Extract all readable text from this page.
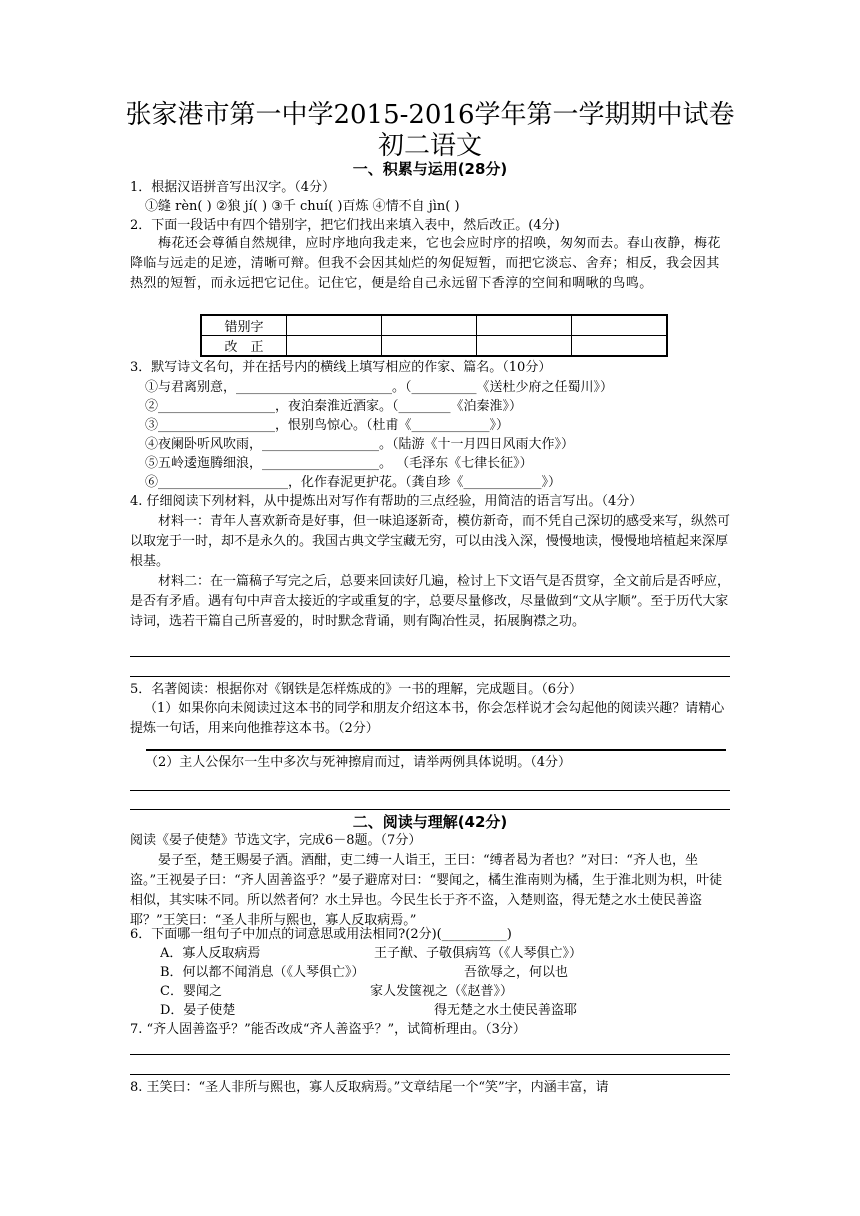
张家港市第一中学2015-2016学年第一学期期中试卷
初二语文
一、积累与运用(28分)
1．根据汉语拼音写出汉字。（4分）
①缝 rèn( ) ②狼 jí( ) ③千 chuí( )百炼 ④情不自 jìn( )
2．下面一段话中有四个错别字，把它们找出来填入表中，然后改正。(4分)
梅花还会尊循自然规律，应时序地向我走来，它也会应时序的招唤，匆匆而去。春山夜静，梅花降临与远走的足迹，清晰可辩。但我不会因其灿烂的匆促短暂，而把它淡忘、舍弃；相反，我会因其热烈的短暂，而永远把它记住。记住它，便是给自己永远留下香淳的空间和啁啾的鸟鸣。
错别字				
改　正				
3．默写诗文名句，并在括号内的横线上填写相应的作家、篇名。（10分）
①与君离别意，________________________。（__________《送杜少府之任蜀川》）
②__________________，夜泊秦淮近酒家。（________《泊秦淮》）
③__________________，恨别鸟惊心。（杜甫《____________》）
④夜阑卧听风吹雨，__________________。（陆游《十一月四日风雨大作》）
⑤五岭逶迤腾细浪，__________________。 （毛泽东《七律长征》）
⑥____________________，化作春泥更护花。（龚自珍《____________》）
4. 仔细阅读下列材料，从中提炼出对写作有帮助的三点经验，用简洁的语言写出。（4分）
材料一：青年人喜欢新奇是好事，但一味追逐新奇，模仿新奇，而不凭自己深切的感受来写，纵然可以取宠于一时，却不是永久的。我国古典文学宝藏无穷，可以由浅入深，慢慢地读，慢慢地培植起来深厚根基。
材料二：在一篇稿子写完之后，总要来回读好几遍，检讨上下文语气是否贯穿，全文前后是否呼应，是否有矛盾。遇有句中声音太接近的字或重复的字，总要尽量修改，尽量做到“文从字顺”。至于历代大家诗词，选若干篇自己所喜爱的，时时默念背诵，则有陶冶性灵，拓展胸襟之功。
5．名著阅读：根据你对《钢铁是怎样炼成的》一书的理解，完成题目。（6分）
（1）如果你向未阅读过这本书的同学和朋友介绍这本书，你会怎样说才会勾起他的阅读兴趣？请精心提炼一句话，用来向他推荐这本书。（2分）
（2）主人公保尔一生中多次与死神擦肩而过，请举两例具体说明。（4分）
二、阅读与理解(42分)
阅读《晏子使楚》节选文字，完成6－8题。（7分）
晏子至，楚王赐晏子酒。酒酣，吏二缚一人诣王，王曰：“缚者曷为者也？”对曰：“齐人也，坐盗。”王视晏子曰：“齐人固善盗乎？”晏子避席对曰：“婴闻之，橘生淮南则为橘，生于淮北则为枳，叶徒相似，其实味不同。所以然者何？水土异也。今民生长于齐不盗，入楚则盗，得无楚之水土使民善盗耶？”王笑曰：“圣人非所与熙也，寡人反取病焉。”
6．下面哪一组句子中加点的词意思或用法相同?(2分)(__________)
A．寡人反取病焉	王子猷、子敬俱病笃（《人琴俱亡》）
B．何以都不闻消息（《人琴俱亡》）	吾欲辱之，何以也
C．婴闻之	家人发箧视之（《赵普》）
D．晏子使楚	得无楚之水土使民善盗耶
7. “齐人固善盗乎？”能否改成“齐人善盗乎？”，试简析理由。（3分）
8. 王笑曰：“圣人非所与熙也，寡人反取病焉。”文章结尾一个“笑”字，内涵丰富，请
